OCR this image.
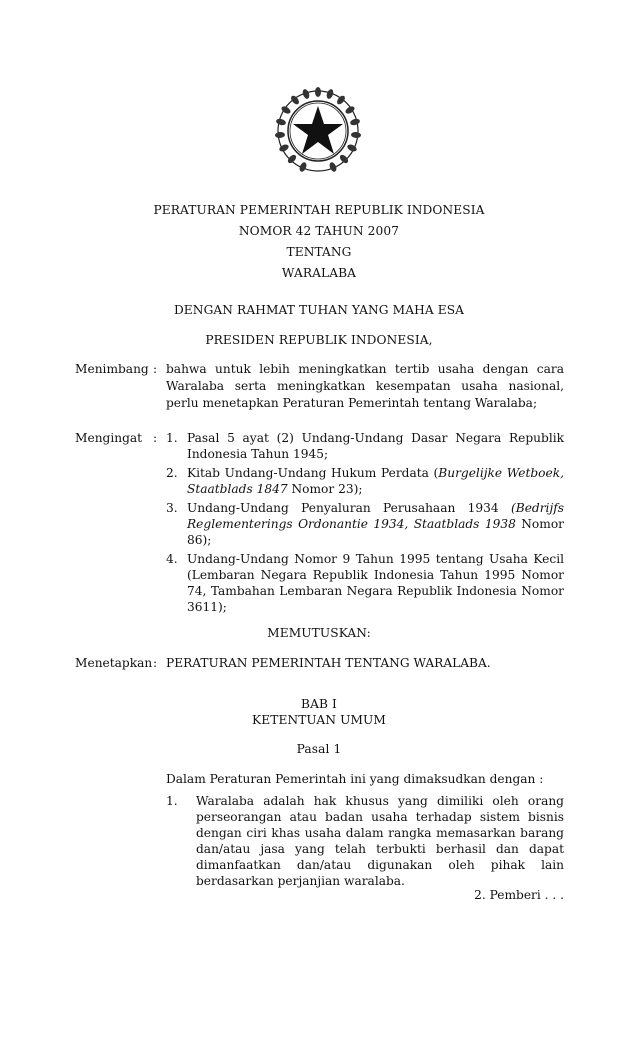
PERATURAN PEMERINTAH REPUBLIK INDONESIA
NOMOR 42 TAHUN 2007
TENTANG
WARALABA
DENGAN RAHMAT TUHAN YANG MAHA ESA
PRESIDEN REPUBLIK INDONESIA,
Menimbang : bahwa untuk lebih meningkatkan tertib usaha dengan cara
Waralaba serta meningkatkan kesempatan usaha nasional,
perlu menetapkan Peraturan Pemerintah tentang Waralaba;
Mengingat : 1. Pasal 5 ayat (2) Undang-Undang Dasar Negara Republik
Indonesia Tahun 1945;
2. Kitab Undang-Undang Hukum Perdata (Burgelijke Wetboek,
Staatblads 1847 Nomor 23);
3. Undang-Undang Penyaluran Perusahaan 1934 (Bedrijfs
Reglementerings Ordonantie 1934, Staatblads 1938 Nomor
86);
4. Undang-Undang Nomor 9 Tahun 1995 tentang Usaha Kecil
(Lembaran Negara Republik Indonesia Tahun 1995 Nomor
74, Tambahan Lembaran Negara Republik Indonesia Nomor
3611);
MEMUTUSKAN:
Menetapkan : PERATURAN PEMERINTAH TENTANG WARALABA.
BAB I
KETENTUAN UMUM
Pasal 1
Dalam Peraturan Pemerintah ini yang dimaksudkan dengan :
1. Waralaba adalah hak khusus yang dimiliki oleh orang
perseorangan atau badan usaha terhadap sistem bisnis
dengan ciri khas usaha dalam rangka memasarkan barang
dan/atau jasa yang telah terbukti berhasil dan dapat
dimanfaatkan dan/atau digunakan oleh pihak lain
berdasarkan perjanjian waralaba.
2. Pemberi . . .
